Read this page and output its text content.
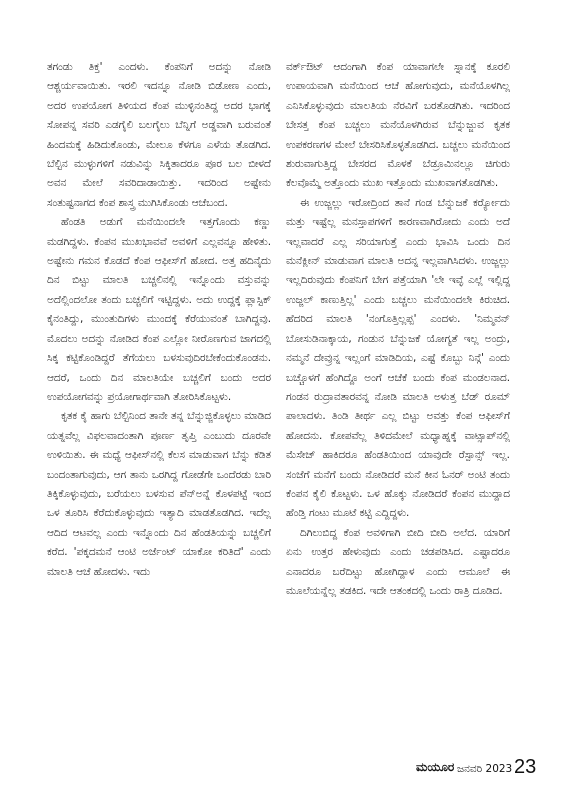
ತಗಂಡು ತಿಕ್ತ' ಎಂದಳು. ಕೆಂಪನಿಗೆ ಅದನ್ನು ನೋಡಿ ಆಶ್ಚರ್ಯವಾಯಿತು. ಇರಲಿ ಇದನ್ನೂ ನೋಡಿ ಬಿಡೋಣ ಎಂದು, ಅದರ ಉಪಯೋಗ ತಿಳಿಯದ ಕೆಂಪ ಮುಳ್ಳಿನಂತಿದ್ದ ಅದರ ಭಾಗಕ್ಕೆ ಸೋಪನ್ನ ಸವರಿ ಎಡಗೈಲಿ ಬಲಗೈಲು ಬೆನ್ನಿಗೆ ಅಡ್ಡವಾಗಿ ಬರುವಂತೆ ಹಿಂದಮಕ್ಕೆ ಹಿಡಿದುಕೊಂಡು, ಮೇಲೂ ಕೆಳಗೂ ಎಳೆಯ ತೊಡಗಿದ. ಬೆಲ್ಟಿನ ಮುಳ್ಳುಗಳಿಗೆ ನಡುವಿನ್ನು ಸಿಕ್ಕಿತಾದರೂ ಪೂರ ಬಲ ಬೀಳದೆ ಅವನ ಮೇಲೆ ಸವರಿದಾಡಾಯಿತ್ತು. ಇದರಿಂದ ಅಷ್ಟೇನು ಸಂತುಷ್ಟನಾಗದ ಕೆಂಪ ಶಾಸ್ತ್ರ ಮುಗಿಸಿಕೊಂಡು ಆಚೆಬಂದ.

ಹೆಂಡತಿ ಅಡುಗೆ ಮನೆಯಿಂದಲೇ ಇತ್ತಗೊಂದು ಕಣ್ಣು ಮಡಗಿದ್ದಳು. ಕೆಂಪನ ಮುಖಭಾವವೆ ಅವಳಿಗೆ ಎಲ್ಲವನ್ನೂ ಹೇಳಿತು. ಅಷ್ಟೇನು ಗಮನ ಕೊಡದೆ ಕೆಂಪ ಆಫೀಸ್‌ಗೆ ಹೋದ. ಅತ್ತ ಹದಿನೈದು ದಿನ ಬಿಟ್ಟು ಮಾಲತಿ ಬಚ್ಚಲಿನಲ್ಲಿ ಇನ್ನೊಂದು ವಸ್ತುವನ್ನು ಅದೆಲ್ಲಿಂದಲೋ ತಂದು ಬಚ್ಚಲಿಗೆ ಇಟ್ಟಿದ್ದಳು. ಅದು ಉದ್ದಕ್ಕೆ ಪ್ಲಾಸ್ಟಿಕ್ ಕೈನಂತಿದ್ದು, ಮುಂತುದಿಗಳು ಮುಂದಕ್ಕೆ ಕೆರೆಯುವಂತೆ ಬಾಗಿದ್ದವು. ಮೊದಲು ಅದನ್ನು ನೋಡಿದ ಕೆಂಪ ಎಲ್ಲೋ ನೀರೊಣಗುವ ಜಾಗದಲ್ಲಿ ಸಿಕ್ಕ ಕಟ್ಟಿಕೊಂಡಿದ್ದರೆ ತೆಗೆಯಲು ಬಳಸುವುದಿರಬೇಕೆಂದುಕೊಂಡನು. ಆದರೆ, ಒಂದು ದಿನ ಮಾಲತಿಯೇ ಬಚ್ಚಲಿಗೆ ಬಂದು ಅದರ ಉಪಯೋಗವನ್ನು ಪ್ರಯೋಗಾರ್ಥವಾಗಿ ತೋರಿಸಿಕೊಟ್ಟಳು.

ಕೃತಕ ಕೈ ಹಾಗು ಬೆಲ್ಟಿನಿಂದ ತಾನೇ ತನ್ನ ಬೆನ್ನುಜ್ಜಿಕೊಳ್ಳಲು ಮಾಡಿದ ಯತ್ನವೆಲ್ಲ ವಿಫಲವಾದಂತಾಗಿ ಪೂರ್ಣ ತೃಪ್ತಿ ಎಂಬುದು ದೂರವೇ ಉಳಿಯಿತು. ಈ ಮಧ್ಯೆ ಆಫೀಸ್‌ನಲ್ಲಿ ಕೆಲಸ ಮಾಡುವಾಗ ಬೆನ್ನು ಕಡಿತ ಬಂದಂತಾಗುವುದು, ಆಗ ತಾನು ಒರಗಿದ್ದ ಗೋಡೆಗೇ ಒಂದೆರಡು ಬಾರಿ ತಿಕ್ಕಿಕೊಳ್ಳುವುದು, ಬರೆಯಲು ಬಳಸುವ ಪೆನ್‌ಅನ್ನೆ ಕೊಳಪಟ್ಟೆ ಇಂದ ಒಳ ತೂರಿಸಿ ಕೆರೆದುಕೊಳ್ಳುವುದು ಇತ್ಯಾದಿ ಮಾಡತೊಡಗಿದ. ಇದೆಲ್ಲ ಆದಿದ ಆಟವಲ್ಲ ಎಂದು ಇನ್ನೊಂದು ದಿನ ಹೆಂಡತಿಯನ್ನು ಬಚ್ಚಲಿಗೆ ಕರೆದ. 'ಪಕ್ಕದಮನೆ ಆಂಟಿ ಅರ್ಜೆಂಟ್ ಯಾಕೋ ಕರಿತಿದೆ' ಎಂದು ಮಾಲತಿ ಆಚೆ ಹೋದಳು. ಇದು

ವರ್ಕ್ಔಟ್ ಆದಂಗಾಗಿ ಕೆಂಪ ಯಾವಾಗಲೇ ಸ್ನಾನಕ್ಕೆ ಕೂರಲಿ ಉಪಾಯವಾಗಿ ಮನೆಯಿಂದ ಆಚೆ ಹೋಗುವುದು, ಮನೆಯೊಳಗಿಲ್ಲ ಎನಿಸಿಕೊಳ್ಳುವುದು ಮಾಲತಿಯ ನೆರವಿಗೆ ಬರತೊಡಗಿತು. ಇದರಿಂದ ಬೇಸತ್ತ ಕೆಂಪ ಬಚ್ಚಲು ಮನೆಯೊಳಗಿರುವ ಬೆನ್ನುಜ್ಜುವ ಕೃತಕ ಉಪಕರಣಗಳ ಮೇಲೆ ಬೇಸರಿಸಿಕೊಳ್ಳತೊಡಗಿದ. ಬಚ್ಚಲು ಮನೆಯಿಂದ ಶುರುವಾಗುತ್ತಿದ್ದ ಬೇಸರದ ಮೊಳಕೆ ಬೆಡ್ರೂಮಿನಲ್ಲೂ ಚಿಗುರು ಕೆಲವೊಮ್ಮೆ ಅತ್ತೊಂದು ಮುಖ ಇತ್ತೊಂದು ಮುಖವಾಗತೊಡಗಿತು.

ಈ ಉಜ್ಜಲ್ಲು ಇರೋದ್ರಿಂದ ತಾನೆ ಗಂಡ ಬೆನ್ನುಜಕೆ ಕರ್ರ್ಯೋದು ಮತ್ತು ಇಷ್ಟೆಲ್ಲ ಮನಸ್ತಾಪಗಳಿಗೆ ಕಾರಣವಾಗಿರೋದು ಎಂದು ಅದೆ ಇಲ್ಲವಾದರೆ ಎಲ್ಲ ಸರಿಯಾಗುತ್ತೆ ಎಂದು ಭಾವಿಸಿ ಒಂದು ದಿನ ಮನೆಕ್ಲೀನ್ ಮಾಡುವಾಗ ಮಾಲತಿ ಅದನ್ನ ಇಲ್ಲವಾಗಿಸಿದಳು. ಉಜ್ಜಲ್ಲು ಇಲ್ಲದಿರುವುದು ಕೆಂಪನಿಗೆ ಬೇಗ ಪತ್ತೆಯಾಗಿ 'ಲೇ ಇವ್ಳೆ ಎಲ್ಲೆ ಇಲ್ಲಿದ್ದ ಉಜ್ಜಲ್ ಕಾಣುತ್ತಿಲ್ಲ' ಎಂದು ಬಚ್ಚಲು ಮನೆಯಿಂದಲೇ ಕಿರುಚಿದ. ಹೆದರಿದ ಮಾಲತಿ 'ನಂಗೊತ್ತಿಲ್ಲಪ್ಪ' ಎಂದಳು. 'ನಿಮ್ಮವನ್ ಬೋಸುಡಿನಾಕ್ಕಾಯ, ಗಂಡುನ ಬೆನ್ನುಜಕೆ ಯೋಗ್ಯತೆ ಇಲ್ಲ ಅಂದ್ರು, ನಮ್ಮನೆ ದೇವ್ರುನ್ನ ಇಲ್ಲಂಗೆ ಮಾಡಿದಿಯ, ಎಷ್ಟೆ ಕೊಬ್ಬು ನಿನ್ಗೆ' ಎಂದು ಬಚ್ಚೊಳಗೆ ಹೆಂಗಿದ್ದೊ ಅಂಗೆ ಆಚೆಕೆ ಬಂದು ಕೆಂಪ ಮಂಡಲನಾದ. ಗಂಡನ ರುದ್ರಾವತಾರವನ್ನ ನೋಡಿ ಮಾಲತಿ ಅಳುತ್ತ ಬೆಡ್ ರೂಮ್ ಪಾಲಾದಳು. ತಿಂಡಿ ತೀರ್ಥ ಎಲ್ಲ ಬಿಟ್ಟು ಅವತ್ತು ಕೆಂಪ ಆಫೀಸ್‌ಗೆ ಹೋದನು. ಕೋಪವೆಲ್ಲ ತಿಳಿದಮೇಲೆ ಮಧ್ಯಾಹ್ನಕ್ಕೆ ವಾಟ್ಸಾಪ್‌ನಲ್ಲಿ ಮೆಸೇಜ್ ಹಾಕಿದರೂ ಹೆಂಡತಿಯಿಂದ ಯಾವುದೇ ರೆಸ್ಪಾನ್ಸ್ ಇಲ್ಲ. ಸಂಜೆಗೆ ಮನೆಗೆ ಬಂದು ನೋಡಿದರೆ ಮನೆ ಕೀನ ಓನರ್ ಅಂಟಿ ತಂದು ಕೆಂಪನ ಕೈಲಿ ಕೊಟ್ಟಳು. ಒಳ ಹೊಕ್ಕು ನೋಡಿದರೆ ಕೆಂಪನ ಮುದ್ದಾದ ಹೆಂಡ್ತಿ ಗಂಟು ಮೂಟೆ ಕಟ್ಟಿ ಎದ್ದಿದ್ದಳು.

ದಿಗಿಲುಬಿದ್ದ ಕೆಂಪ ಅವಳಿಗಾಗಿ ಬೀದಿ ಬೀದಿ ಅಲೆದ. ಯಾರಿಗೆ ಏನು ಉತ್ತರ ಹೇಳುವುದು ಎಂದು ಚಡಪಡಿಸಿದ. ಎಷ್ಟಾದರೂ ಎನಾದರೂ ಬರೆದಿಟ್ಟು ಹೋಗಿದ್ದಾಳ ಎಂದು ಆಮೂಲೆ ಈ ಮೂಲೆಯನ್ನೆಲ್ಲ ತಡಕಿದ. ಇದೇ ಆತಂಕದಲ್ಲಿ ಒಂದು ರಾತ್ರಿ ದೂಡಿದ.

ಮಯೂರ ಜನವರಿ 2023 23
